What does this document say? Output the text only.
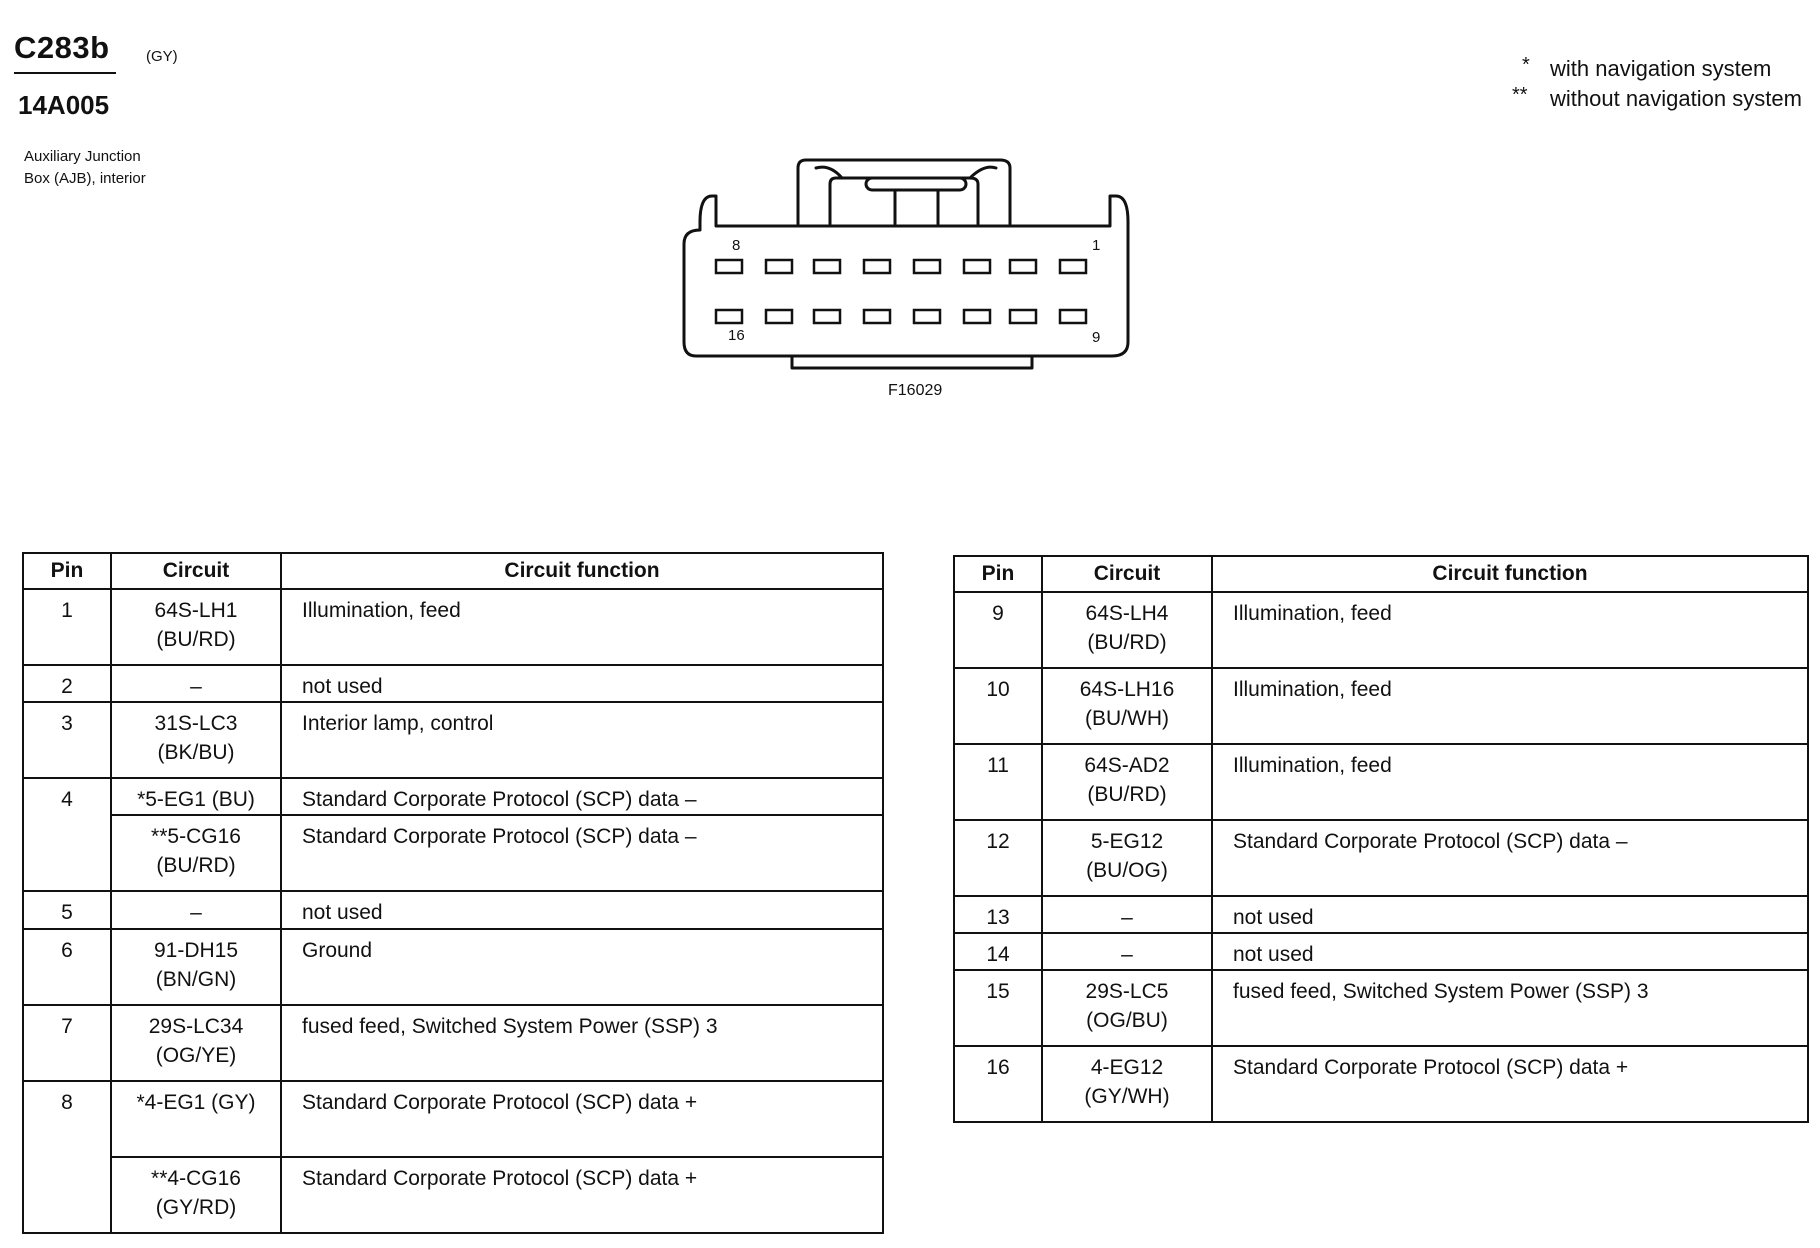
C283b (GY)
14A005
Auxiliary Junction
Box (AJB), interior
* with navigation system
** without navigation system
8	1
16	9
F16029
Pin	Circuit	Circuit function
1	64S-LH1
(BU/RD)	Illumination, feed
2	–	not used
3	31S-LC3
(BK/BU)	Interior lamp, control
4	*5-EG1 (BU)	Standard Corporate Protocol (SCP) data –

	**5-CG16
(BU/RD)	Standard Corporate Protocol (SCP) data –
5	–	not used
6	91-DH15
(BN/GN)	Ground
7	29S-LC34
(OG/YE)	fused feed, Switched System Power (SSP) 3
8	*4-EG1 (GY)	Standard Corporate Protocol (SCP) data +

	**4-CG16
(GY/RD)	Standard Corporate Protocol (SCP) data +
Pin	Circuit	Circuit function
9	64S-LH4
(BU/RD)	Illumination, feed
10	64S-LH16
(BU/WH)	Illumination, feed
11	64S-AD2
(BU/RD)	Illumination, feed
12	5-EG12
(BU/OG)	Standard Corporate Protocol (SCP) data –
13	–	not used
14	–	not used
15	29S-LC5
(OG/BU)	fused feed, Switched System Power (SSP) 3
16	4-EG12
(GY/WH)	Standard Corporate Protocol (SCP) data +
